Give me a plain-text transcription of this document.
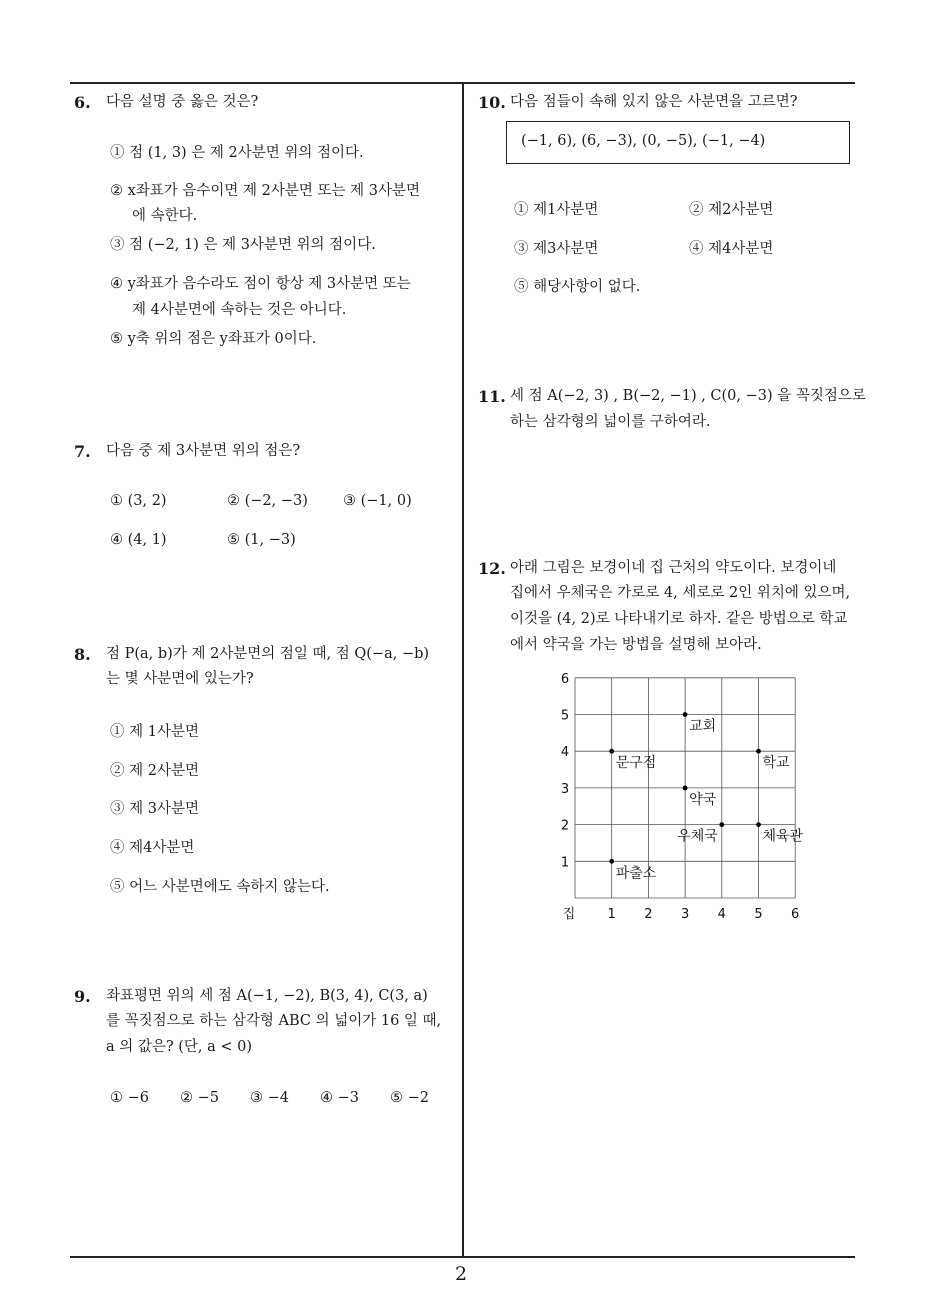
6. 다음 설명 중 옳은 것은?
① 점 (1, 3) 은 제 2사분면 위의 점이다.
② x좌표가 음수이면 제 2사분면 또는 제 3사분면
에 속한다.
③ 점 (−2, 1) 은 제 3사분면 위의 점이다.
④ y좌표가 음수라도 점이 항상 제 3사분면 또는
제 4사분면에 속하는 것은 아니다.
⑤ y축 위의 점은 y좌표가 0이다.
7. 다음 중 제 3사분면 위의 점은?
① (3, 2)	② (−2, −3) ③ (−1, 0)
④ (4, 1)	⑤ (1, −3)
8. 점 P(a, b)가 제 2사분면의 점일 때, 점 Q(−a, −b)
는 몇 사분면에 있는가?
① 제 1사분면
② 제 2사분면
③ 제 3사분면
④ 제4사분면
⑤ 어느 사분면에도 속하지 않는다.
9. 좌표평면 위의 세 점 A(−1, −2), B(3, 4), C(3, a)
를 꼭짓점으로 하는 삼각형 ABC 의 넓이가 16 일 때,
a 의 값은? (단, a < 0)
① −6 ② −5 ③ −4 ④ −3 ⑤ −2
10. 다음 점들이 속해 있지 않은 사분면을 고르면?
(−1, 6), (6, −3), (0, −5), (−1, −4)
① 제1사분면	② 제2사분면
③ 제3사분면	④ 제4사분면
⑤ 해당사항이 없다.
11. 세 점 A(−2, 3) , B(−2, −1) , C(0, −3) 을 꼭짓점으로
하는 삼각형의 넓이를 구하여라.
12. 아래 그림은 보경이네 집 근처의 약도이다. 보경이네
집에서 우체국은 가로로 4, 세로로 2인 위치에 있으며,
이것을 (4, 2)로 나타내기로 하자. 같은 방법으로 학교
에서 약국을 가는 방법을 설명해 보아라.
집 1 2 3 4 5 6
1
2
3
4
5
6
교회
문구점	학교
약국
우체국	체육관
파출소
2
